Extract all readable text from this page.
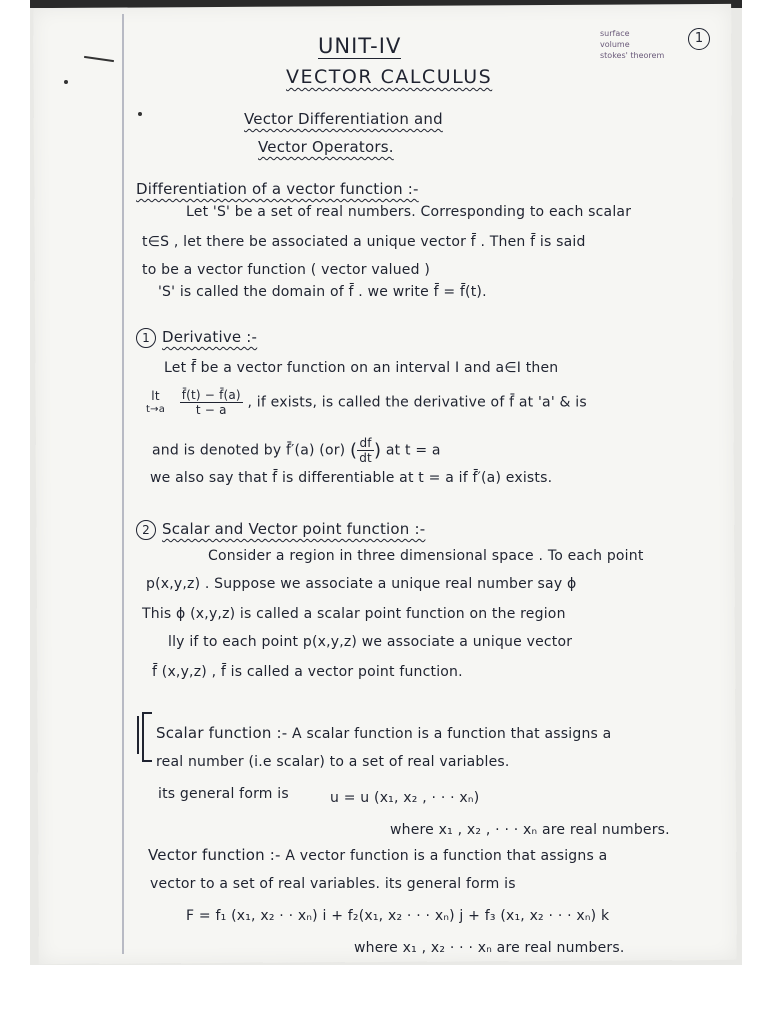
surface
volume
stokes' theorem
1
UNIT-IV
VECTOR CALCULUS
Vector Differentiation and
Vector Operators.
Differentiation of a vector function :-
Let 'S' be a set of real numbers. Corresponding to each scalar
t∈S , let there be associated a unique vector f̄ . Then f̄ is said
to be a vector function ( vector valued )
'S' is called the domain of f̄ . we write f̄ = f̄(t).
1 Derivative :-
Let f̄ be a vector function on an interval I and a∈I then
lt
t→a
$\frac{f̄(t) - f̄(a)}{t - a}$ , if exists, is called the derivative of f̄ at 'a' & is
and is denoted by f̄′(a) (or) ( $\frac{df}{dt}$ ) at t = a
we also say that f̄ is differentiable at t = a if f̄′(a) exists.
2 Scalar and Vector point function :-
Consider a region in three dimensional space . To each point
p(x,y,z) . Suppose we associate a unique real number say ϕ
This ϕ (x,y,z) is called a scalar point function on the region
lly if to each point p(x,y,z) we associate a unique vector
f̄ (x,y,z) , f̄ is called a vector point function.
Scalar function :- A scalar function is a function that assigns a
real number (i.e scalar) to a set of real variables.
its general form is	u = u (x₁, x₂ , · · · xₙ)
where x₁ , x₂ , · · · xₙ are real numbers.
Vector function :- A vector function is a function that assigns a
vector to a set of real variables. its general form is
F = f₁ (x₁, x₂ · · xₙ) i + f₂(x₁, x₂ · · · xₙ) j + f₃ (x₁, x₂ · · · xₙ) k
where x₁ , x₂ · · · xₙ are real numbers.
